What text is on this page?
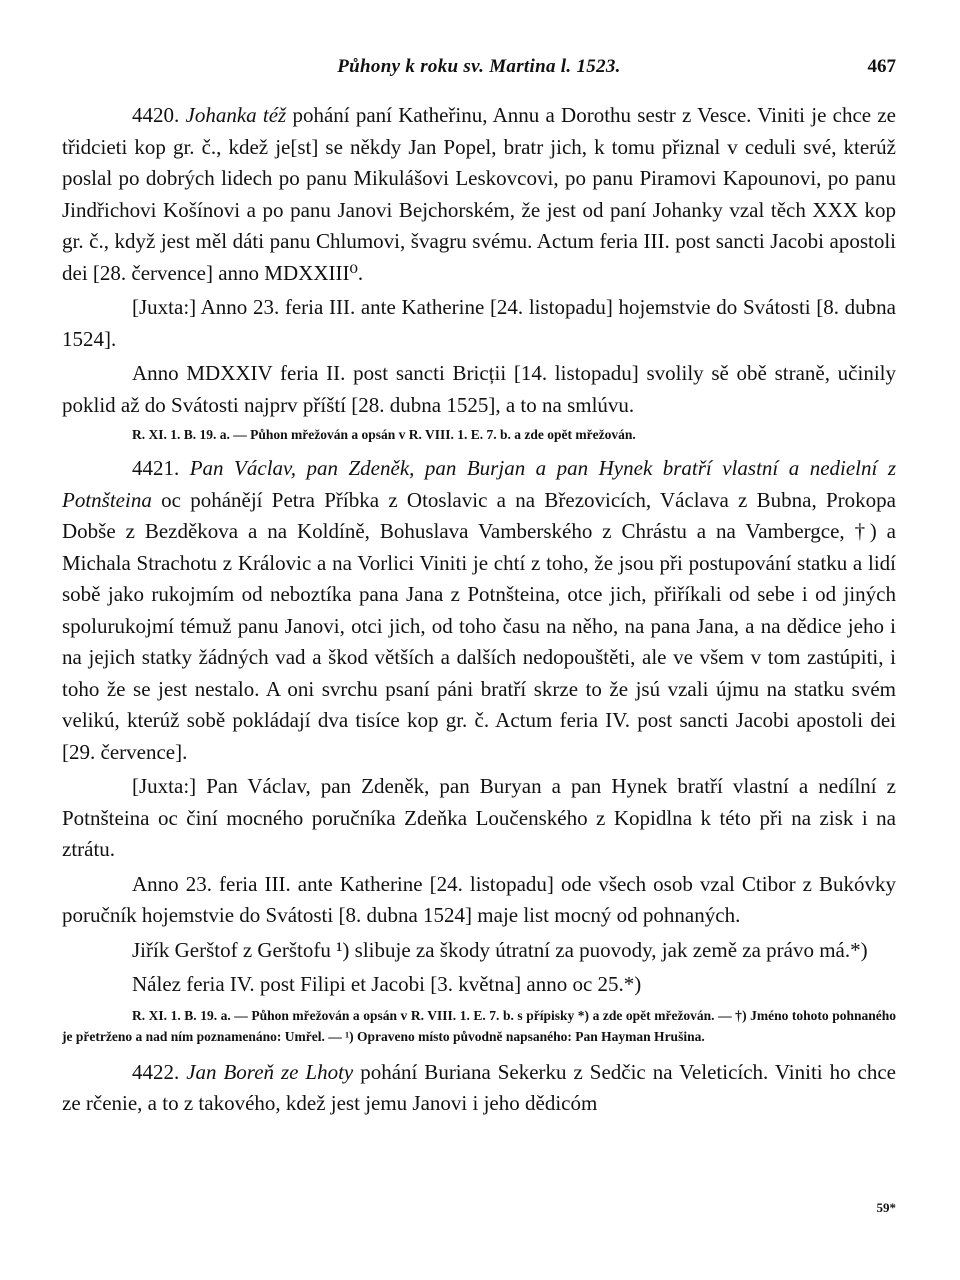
Půhony k roku sv. Martina l. 1523.	467

4420. Johanka též pohání paní Katheřinu, Annu a Dorothu sestr z Vesce. Viniti je chce ze třidcieti kop gr. č., kdež je[st] se někdy Jan Popel, bratr jich, k tomu přiznal v ceduli své, kterúž poslal po dobrých lidech po panu Mikulášovi Leskovcovi, po panu Piramovi Kapounovi, po panu Jindřichovi Košínovi a po panu Janovi Bejchorském, že jest od paní Johanky vzal těch XXX kop gr. č., když jest měl dáti panu Chlumovi, švagru svému. Actum feria III. post sancti Jacobi apostoli dei [28. července] anno MDXXIII⁰.

[Juxta:] Anno 23. feria III. ante Katherine [24. listopadu] hojemstvie do Svátosti [8. dubna 1524].

Anno MDXXIV feria II. post sancti Bricții [14. listopadu] svolily sě obě straně, učinily poklid až do Svátosti najprv příští [28. dubna 1525], a to na smlúvu.

R. XI. 1. B. 19. a. — Půhon mřežován a opsán v R. VIII. 1. E. 7. b. a zde opět mřežován.

4421. Pan Václav, pan Zdeněk, pan Burjan a pan Hynek bratří vlastní a nedielní z Potnšteina oc pohánějí Petra Příbka z Otoslavic a na Březovicích, Václava z Bubna, Prokopa Dobše z Bezděkova a na Koldíně, Bohuslava Vamberského z Chrástu a na Vambergce, †) a Michala Strachotu z Královic a na Vorlici Viniti je chtí z toho, že jsou při postupování statku a lidí sobě jako rukojmím od neboztíka pana Jana z Potnšteina, otce jich, přiříkali od sebe i od jiných spolurukojmí témuž panu Janovi, otci jich, od toho času na něho, na pana Jana, a na dědice jeho i na jejich statky žádných vad a škod větších a dalších nedopouštěti, ale ve všem v tom zastúpiti, i toho že se jest nestalo. A oni svrchu psaní páni bratří skrze to že jsú vzali újmu na statku svém velikú, kterúž sobě pokládají dva tisíce kop gr. č. Actum feria IV. post sancti Jacobi apostoli dei [29. července].

[Juxta:] Pan Václav, pan Zdeněk, pan Buryan a pan Hynek bratří vlastní a nedílní z Potnšteina oc činí mocného poručníka Zdeňka Loučenského z Kopidlna k této při na zisk i na ztrátu.

Anno 23. feria III. ante Katherine [24. listopadu] ode všech osob vzal Ctibor z Bukóvky poručník hojemstvie do Svátosti [8. dubna 1524] maje list mocný od pohnaných.

Jiřík Gerštof z Gerštofu ¹) slibuje za škody útratní za puovody, jak země za právo má.*)

Nález feria IV. post Filipi et Jacobi [3. května] anno oc 25.*)

R. XI. 1. B. 19. a. — Půhon mřežován a opsán v R. VIII. 1. E. 7. b. s přípisky *) a zde opět mřežován. — †) Jméno tohoto pohnaného je přetrženo a nad ním poznamenáno: Umřel. — ¹) Opraveno místo původně napsaného: Pan Hayman Hrušina.

4422. Jan Boreň ze Lhoty pohání Buriana Sekerku z Sedčic na Veleticích. Viniti ho chce ze rčenie, a to z takového, kdež jest jemu Janovi i jeho dědicóm

59*
